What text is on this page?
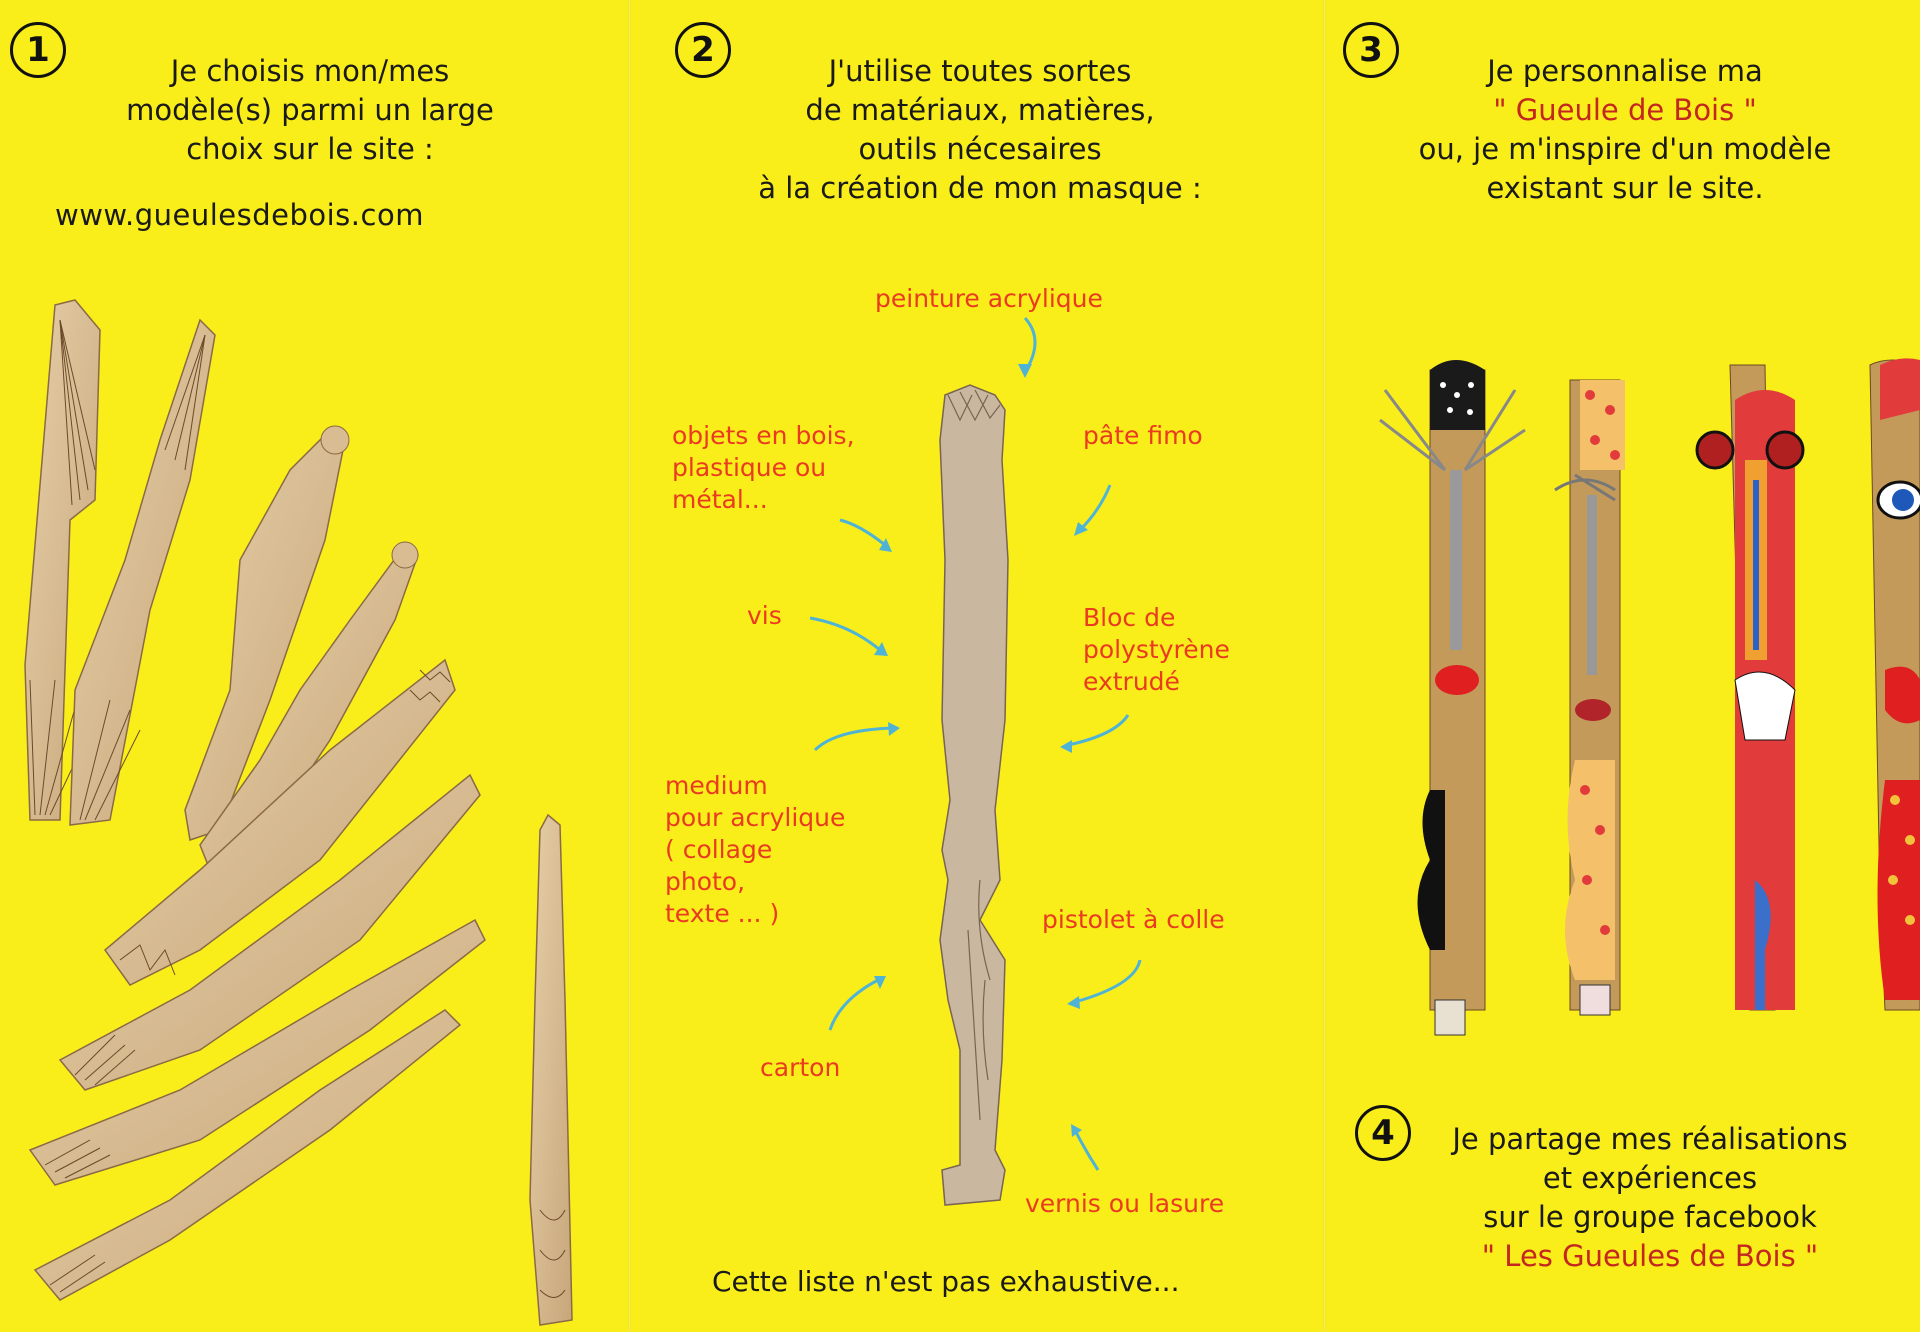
1
Je choisis mon/mes
modèle(s) parmi un large
choix sur le site :
www.gueulesdebois.com
2
J'utilise toutes sortes
de matériaux, matières,
outils nécesaires
à la création de mon masque :
peinture acrylique
objets en bois,
plastique ou
métal...
pâte fimo
vis	Bloc de
polystyrène
extrudé
medium
pour acrylique
( collage
photo,
texte ... )	pistolet à colle
carton
vernis ou lasure
Cette liste n'est pas exhaustive...
3
Je personnalise ma
" Gueule de Bois "
ou, je m'inspire d'un modèle
existant sur le site.
4	Je partage mes réalisations
et expériences
sur le groupe facebook
" Les Gueules de Bois "
